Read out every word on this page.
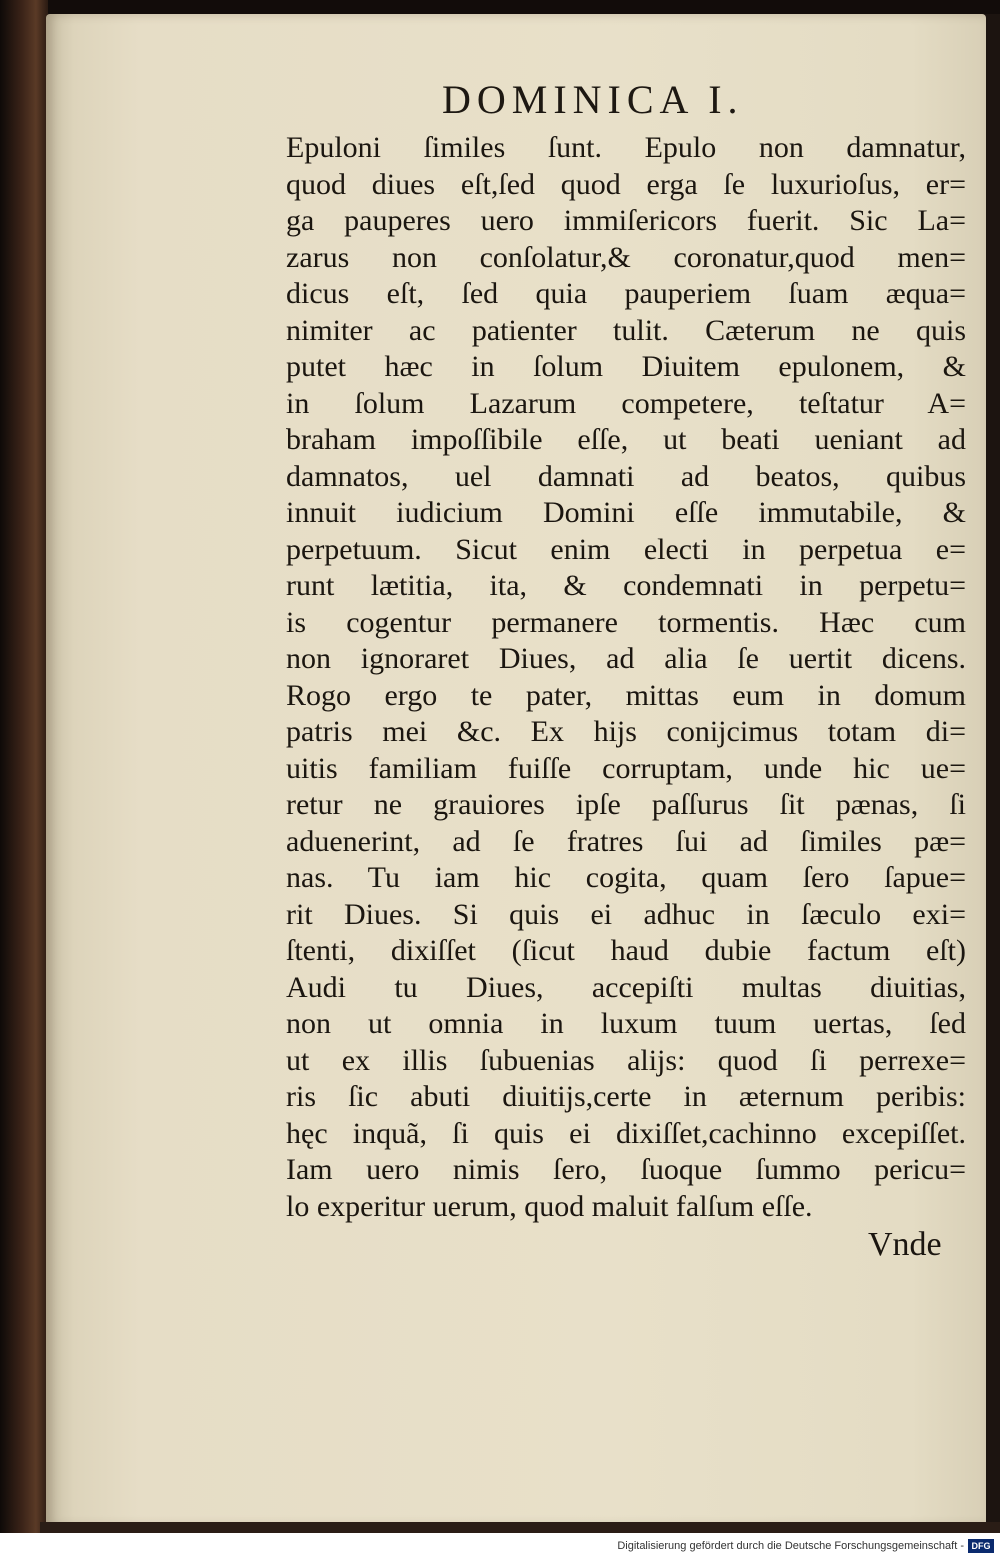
DOMINICA I.
Epuloni ſimiles ſunt. Epulo non damnatur,
quod diues eſt,ſed quod erga ſe luxurioſus, er=
ga pauperes uero immiſericors fuerit. Sic La=
zarus non conſolatur,& coronatur,quod men=
dicus eſt, ſed quia pauperiem ſuam æqua=
nimiter ac patienter tulit. Cæterum ne quis
putet hæc in ſolum Diuitem epulonem, &
in ſolum Lazarum competere, teſtatur A=
braham impoſſibile eſſe, ut beati ueniant ad
damnatos, uel damnati ad beatos, quibus
innuit iudicium Domini eſſe immutabile, &
perpetuum. Sicut enim electi in perpetua e=
runt lætitia, ita, & condemnati in perpetu=
is cogentur permanere tormentis. Hæc cum
non ignoraret Diues, ad alia ſe uertit dicens.
Rogo ergo te pater, mittas eum in domum
patris mei &c. Ex hijs conijcimus totam di=
uitis familiam fuiſſe corruptam, unde hic ue=
retur ne grauiores ipſe paſſurus ſit pænas, ſi
aduenerint, ad ſe fratres ſui ad ſimiles pæ=
nas. Tu iam hic cogita, quam ſero ſapue=
rit Diues. Si quis ei adhuc in ſæculo exi=
ſtenti, dixiſſet (ſicut haud dubie factum eſt)
Audi tu Diues, accepiſti multas diuitias,
non ut omnia in luxum tuum uertas, ſed
ut ex illis ſubuenias alijs: quod ſi perrexe=
ris ſic abuti diuitijs,certe in æternum peribis:
hęc inquã, ſi quis ei dixiſſet,cachinno excepiſſet.
Iam uero nimis ſero, ſuoque ſummo pericu=
lo experitur uerum, quod maluit falſum eſſe.
Vnde
Digitalisierung gefördert durch die Deutsche Forschungsgemeinschaft - DFG
